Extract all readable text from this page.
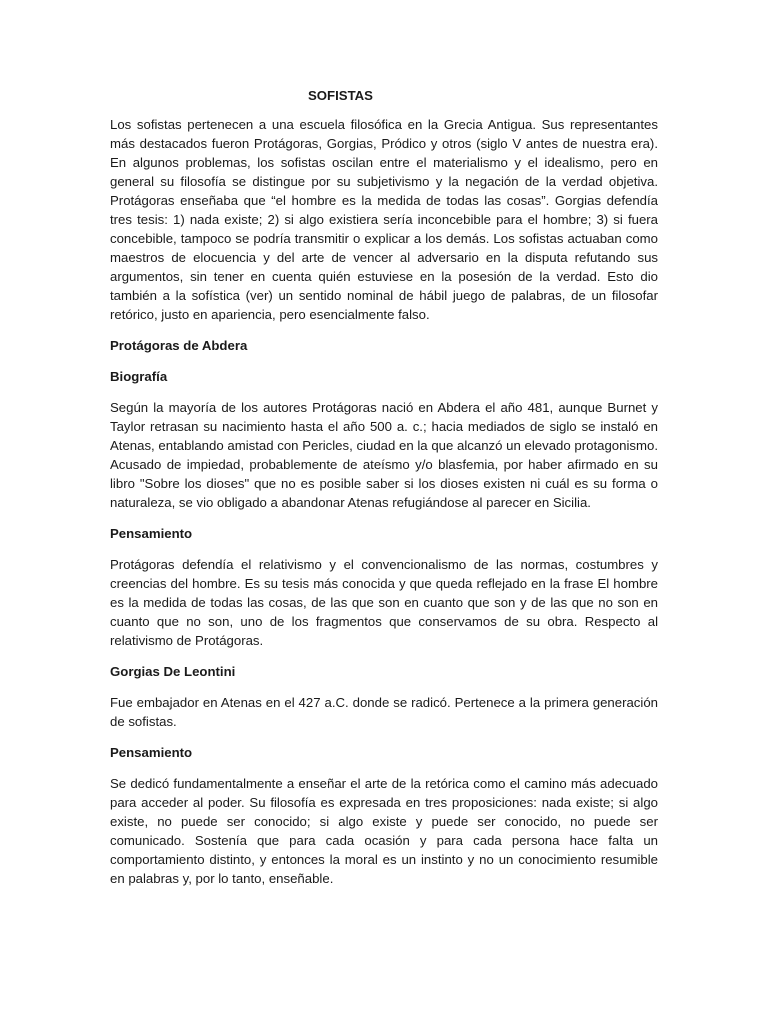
SOFISTAS

Los sofistas pertenecen a una escuela filosófica en la Grecia Antigua. Sus representantes más destacados fueron Protágoras, Gorgias, Pródico y otros (siglo V antes de nuestra era). En algunos problemas, los sofistas oscilan entre el materialismo y el idealismo, pero en general su filosofía se distingue por su subjetivismo y la negación de la verdad objetiva. Protágoras enseñaba que “el hombre es la medida de todas las cosas”. Gorgias defendía tres tesis: 1) nada existe; 2) si algo existiera sería inconcebible para el hombre; 3) si fuera concebible, tampoco se podría transmitir o explicar a los demás. Los sofistas actuaban como maestros de elocuencia y del arte de vencer al adversario en la disputa refutando sus argumentos, sin tener en cuenta quién estuviese en la posesión de la verdad. Esto dio también a la sofística (ver) un sentido nominal de hábil juego de palabras, de un filosofar retórico, justo en apariencia, pero esencialmente falso.

Protágoras de Abdera
Biografía

Según la mayoría de los autores Protágoras nació en Abdera el año 481, aunque Burnet y Taylor retrasan su nacimiento hasta el año 500 a. c.; hacia mediados de siglo se instaló en Atenas, entablando amistad con Pericles, ciudad en la que alcanzó un elevado protagonismo. Acusado de impiedad, probablemente de ateísmo y/o blasfemia, por haber afirmado en su libro "Sobre los dioses" que no es posible saber si los dioses existen ni cuál es su forma o naturaleza, se vio obligado a abandonar Atenas refugiándose al parecer en Sicilia.

Pensamiento

Protágoras defendía el relativismo y el convencionalismo de las normas, costumbres y creencias del hombre. Es su tesis más conocida y que queda reflejado en la frase El hombre es la medida de todas las cosas, de las que son en cuanto que son y de las que no son en cuanto que no son, uno de los fragmentos que conservamos de su obra. Respecto al relativismo de Protágoras.

Gorgias De Leontini

Fue embajador en Atenas en el 427 a.C. donde se radicó. Pertenece a la primera generación de sofistas.

Pensamiento

Se dedicó fundamentalmente a enseñar el arte de la retórica como el camino más adecuado para acceder al poder. Su filosofía es expresada en tres proposiciones: nada existe; si algo existe, no puede ser conocido; si algo existe y puede ser conocido, no puede ser comunicado. Sostenía que para cada ocasión y para cada persona hace falta un comportamiento distinto, y entonces la moral es un instinto y no un conocimiento resumible en palabras y, por lo tanto, enseñable.
